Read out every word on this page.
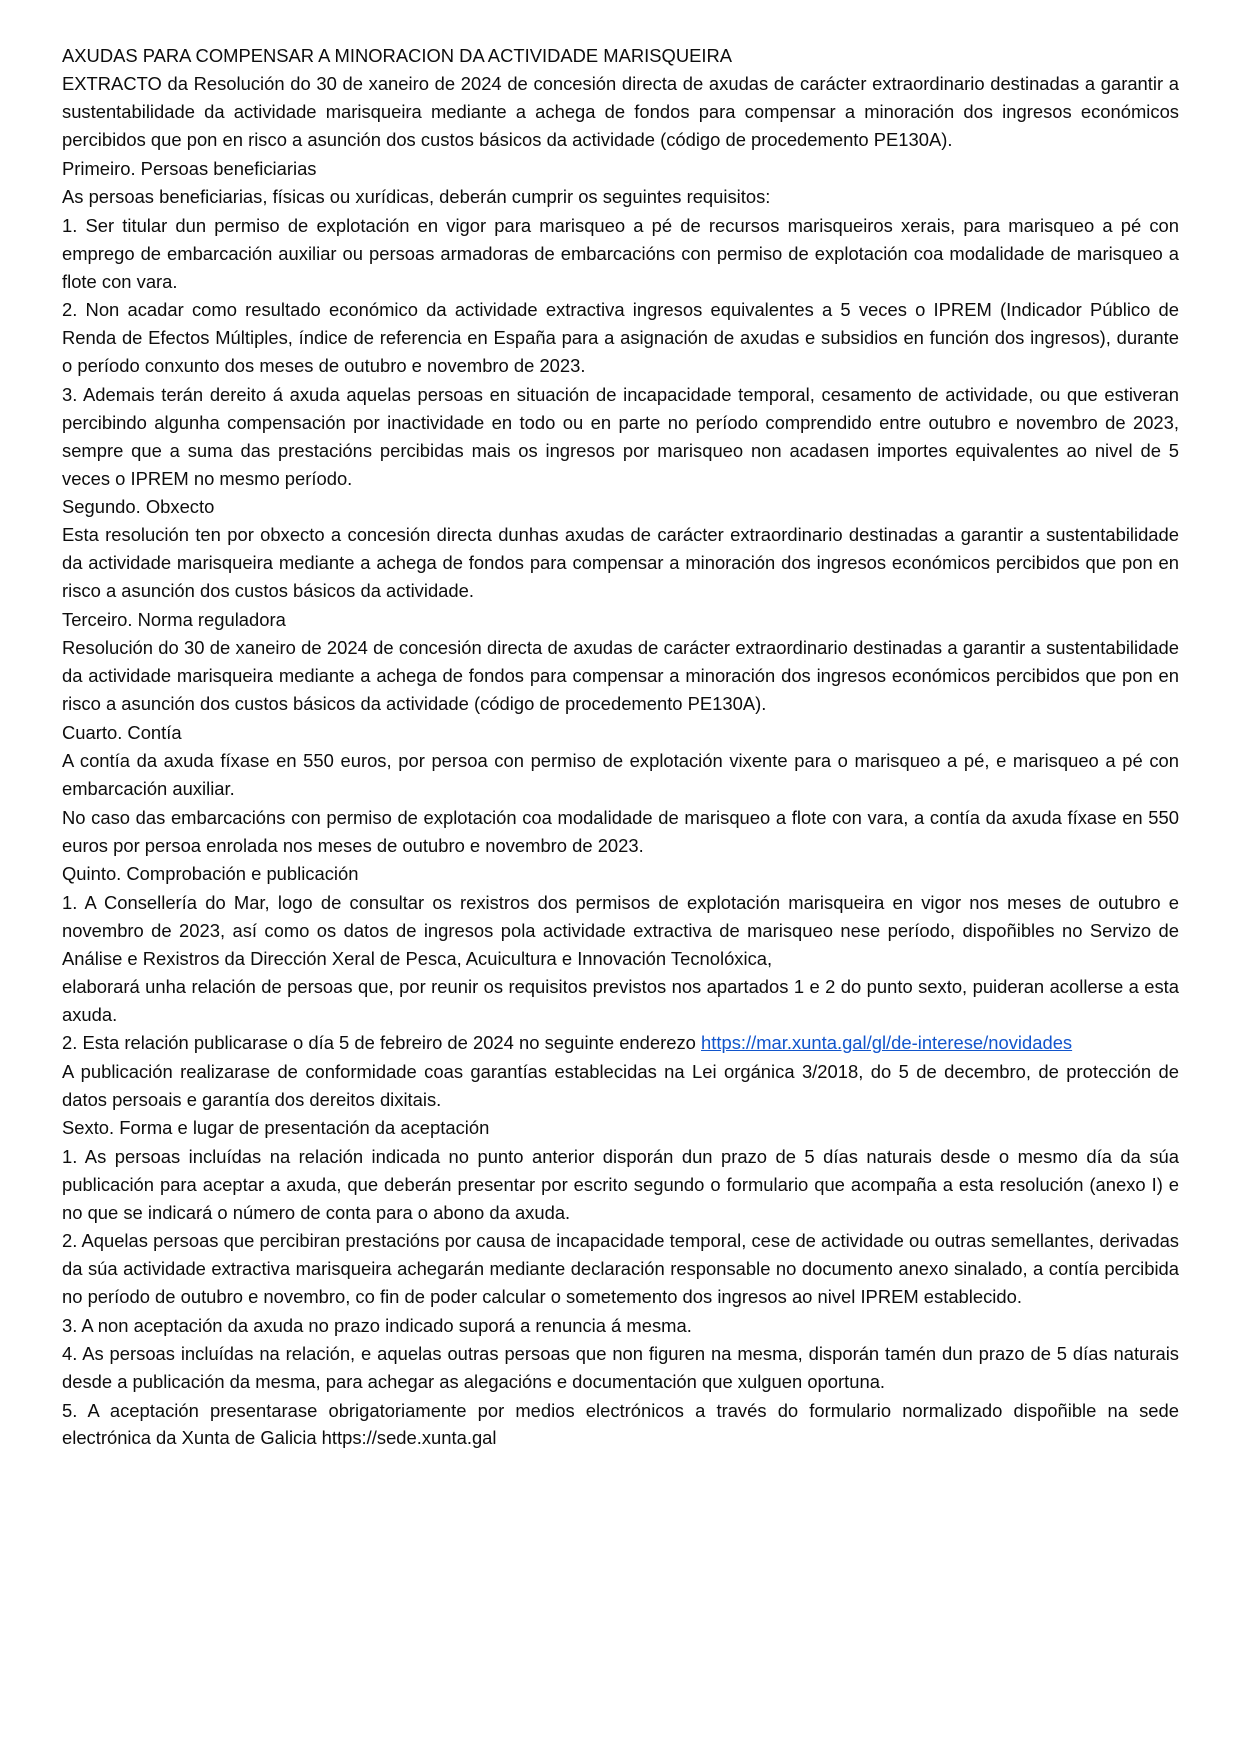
AXUDAS PARA COMPENSAR A MINORACION DA ACTIVIDADE MARISQUEIRA

EXTRACTO da Resolución do 30 de xaneiro de 2024 de concesión directa de axudas de carácter extraordinario destinadas a garantir a sustentabilidade da actividade marisqueira mediante a achega de fondos para compensar a minoración dos ingresos económicos percibidos que pon en risco a asunción dos custos básicos da actividade (código de procedemento PE130A).

Primeiro. Persoas beneficiarias

As persoas beneficiarias, físicas ou xurídicas, deberán cumprir os seguintes requisitos:

1. Ser titular dun permiso de explotación en vigor para marisqueo a pé de recursos marisqueiros xerais, para marisqueo a pé con emprego de embarcación auxiliar ou persoas armadoras de embarcacións con permiso de explotación coa modalidade de marisqueo a flote con vara.

2. Non acadar como resultado económico da actividade extractiva ingresos equivalentes a 5 veces o IPREM (Indicador Público de Renda de Efectos Múltiples, índice de referencia en España para a asignación de axudas e subsidios en función dos ingresos), durante o período conxunto dos meses de outubro e novembro de 2023.

3. Ademais terán dereito á axuda aquelas persoas en situación de incapacidade temporal, cesamento de actividade, ou que estiveran percibindo algunha compensación por inactividade en todo ou en parte no período comprendido entre outubro e novembro de 2023, sempre que a suma das prestacións percibidas mais os ingresos por marisqueo non acadasen importes equivalentes ao nivel de 5 veces o IPREM no mesmo período.

Segundo. Obxecto

Esta resolución ten por obxecto a concesión directa dunhas axudas de carácter extraordinario destinadas a garantir a sustentabilidade da actividade marisqueira mediante a achega de fondos para compensar a minoración dos ingresos económicos percibidos que pon en risco a asunción dos custos básicos da actividade.

Terceiro. Norma reguladora

Resolución do 30 de xaneiro de 2024 de concesión directa de axudas de carácter extraordinario destinadas a garantir a sustentabilidade da actividade marisqueira mediante a achega de fondos para compensar a minoración dos ingresos económicos percibidos que pon en risco a asunción dos custos básicos da actividade (código de procedemento PE130A).

Cuarto. Contía

A contía da axuda fíxase en 550 euros, por persoa con permiso de explotación vixente para o marisqueo a pé, e marisqueo a pé con embarcación auxiliar.

No caso das embarcacións con permiso de explotación coa modalidade de marisqueo a flote con vara, a contía da axuda fíxase en 550 euros por persoa enrolada nos meses de outubro e novembro de 2023.

Quinto. Comprobación e publicación

1. A Consellería do Mar, logo de consultar os rexistros dos permisos de explotación marisqueira en vigor nos meses de outubro e novembro de 2023, así como os datos de ingresos pola actividade extractiva de marisqueo nese período, dispoñibles no Servizo de Análise e Rexistros da Dirección Xeral de Pesca, Acuicultura e Innovación Tecnolóxica,

elaborará unha relación de persoas que, por reunir os requisitos previstos nos apartados 1 e 2 do punto sexto, puideran acollerse a esta axuda.

2. Esta relación publicarase o día 5 de febreiro de 2024 no seguinte enderezo https://mar.xunta.gal/gl/de-interese/novidades

A publicación realizarase de conformidade coas garantías establecidas na Lei orgánica 3/2018, do 5 de decembro, de protección de datos persoais e garantía dos dereitos dixitais.

Sexto. Forma e lugar de presentación da aceptación

1. As persoas incluídas na relación indicada no punto anterior disporán dun prazo de 5 días naturais desde o mesmo día da súa publicación para aceptar a axuda, que deberán presentar por escrito segundo o formulario que acompaña a esta resolución (anexo I) e no que se indicará o número de conta para o abono da axuda.

2. Aquelas persoas que percibiran prestacións por causa de incapacidade temporal, cese de actividade ou outras semellantes, derivadas da súa actividade extractiva marisqueira achegarán mediante declaración responsable no documento anexo sinalado, a contía percibida no período de outubro e novembro, co fin de poder calcular o sometemento dos ingresos ao nivel IPREM establecido.

3. A non aceptación da axuda no prazo indicado suporá a renuncia á mesma.

4. As persoas incluídas na relación, e aquelas outras persoas que non figuren na mesma, disporán tamén dun prazo de 5 días naturais desde a publicación da mesma, para achegar as alegacións e documentación que xulguen oportuna.

5. A aceptación presentarase obrigatoriamente por medios electrónicos a través do formulario normalizado dispoñible na sede electrónica da Xunta de Galicia https://sede.xunta.gal
